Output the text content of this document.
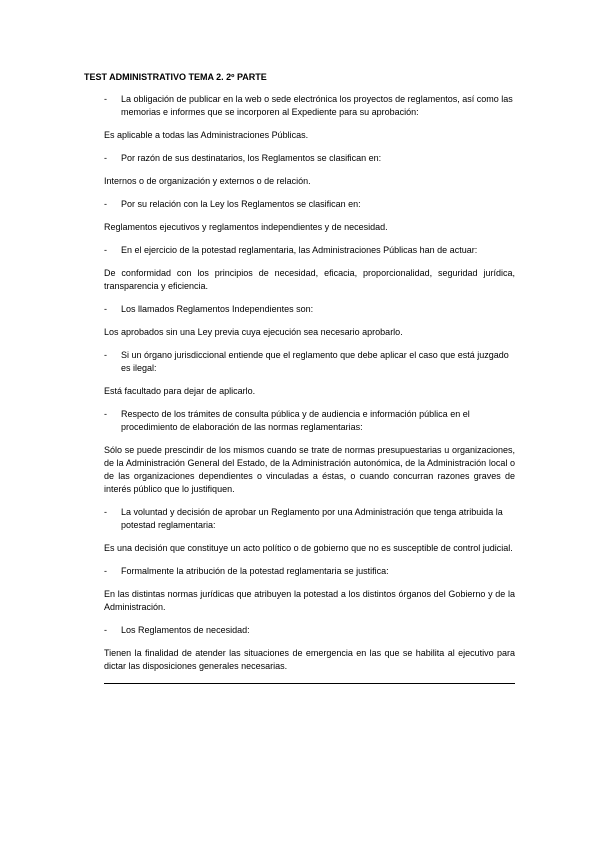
TEST ADMINISTRATIVO TEMA 2. 2º PARTE
- La obligación de publicar en la web o sede electrónica los proyectos de reglamentos, así como las memorias e informes que se incorporen al Expediente para su aprobación:
Es aplicable a todas las Administraciones Públicas.
- Por razón de sus destinatarios, los Reglamentos se clasifican en:
Internos o de organización y externos o de relación.
- Por su relación con la Ley los Reglamentos se clasifican en:
Reglamentos ejecutivos y reglamentos independientes y de necesidad.
- En el ejercicio de la potestad reglamentaria, las Administraciones Públicas han de actuar:
De conformidad con los principios de necesidad, eficacia, proporcionalidad, seguridad jurídica, transparencia y eficiencia.
- Los llamados Reglamentos Independientes son:
Los aprobados sin una Ley previa cuya ejecución sea necesario aprobarlo.
- Si un órgano jurisdiccional entiende que el reglamento que debe aplicar el caso que está juzgado es ilegal:
Está facultado para dejar de aplicarlo.
- Respecto de los trámites de consulta pública y de audiencia e información pública en el procedimiento de elaboración de las normas reglamentarias:
Sólo se puede prescindir de los mismos cuando se trate de normas presupuestarias u organizaciones, de la Administración General del Estado, de la Administración autonómica, de la Administración local o de las organizaciones dependientes o vinculadas a éstas, o cuando concurran razones graves de interés público que lo justifiquen.
- La voluntad y decisión de aprobar un Reglamento por una Administración que tenga atribuida la potestad reglamentaria:
Es una decisión que constituye un acto político o de gobierno que no es susceptible de control judicial.
- Formalmente la atribución de la potestad reglamentaria se justifica:
En las distintas normas jurídicas que atribuyen la potestad a los distintos órganos del Gobierno y de la Administración.
- Los Reglamentos de necesidad:
Tienen la finalidad de atender las situaciones de emergencia en las que se habilita al ejecutivo para dictar las disposiciones generales necesarias.
